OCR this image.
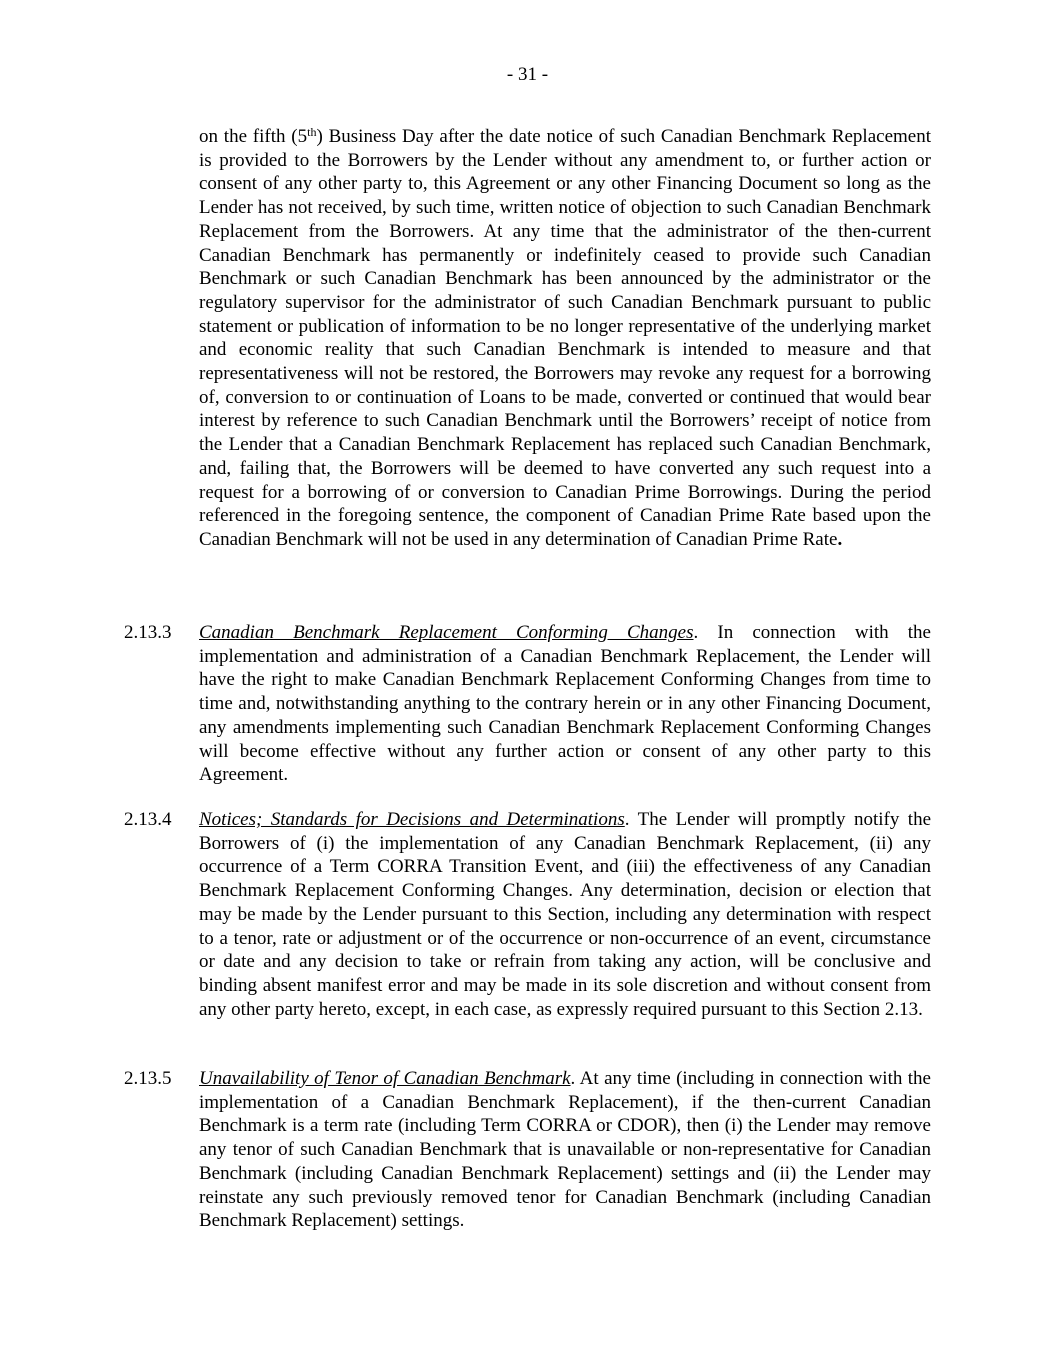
- 31 -

on the fifth (5th) Business Day after the date notice of such Canadian Benchmark Replacement is provided to the Borrowers by the Lender without any amendment to, or further action or consent of any other party to, this Agreement or any other Financing Document so long as the Lender has not received, by such time, written notice of objection to such Canadian Benchmark Replacement from the Borrowers. At any time that the administrator of the then-current Canadian Benchmark has permanently or indefinitely ceased to provide such Canadian Benchmark or such Canadian Benchmark has been announced by the administrator or the regulatory supervisor for the administrator of such Canadian Benchmark pursuant to public statement or publication of information to be no longer representative of the underlying market and economic reality that such Canadian Benchmark is intended to measure and that representativeness will not be restored, the Borrowers may revoke any request for a borrowing of, conversion to or continuation of Loans to be made, converted or continued that would bear interest by reference to such Canadian Benchmark until the Borrowers’ receipt of notice from the Lender that a Canadian Benchmark Replacement has replaced such Canadian Benchmark, and, failing that, the Borrowers will be deemed to have converted any such request into a request for a borrowing of or conversion to Canadian Prime Borrowings. During the period referenced in the foregoing sentence, the component of Canadian Prime Rate based upon the Canadian Benchmark will not be used in any determination of Canadian Prime Rate.

2.13.3 Canadian Benchmark Replacement Conforming Changes. In connection with the implementation and administration of a Canadian Benchmark Replacement, the Lender will have the right to make Canadian Benchmark Replacement Conforming Changes from time to time and, notwithstanding anything to the contrary herein or in any other Financing Document, any amendments implementing such Canadian Benchmark Replacement Conforming Changes will become effective without any further action or consent of any other party to this Agreement.

2.13.4 Notices; Standards for Decisions and Determinations. The Lender will promptly notify the Borrowers of (i) the implementation of any Canadian Benchmark Replacement, (ii) any occurrence of a Term CORRA Transition Event, and (iii) the effectiveness of any Canadian Benchmark Replacement Conforming Changes. Any determination, decision or election that may be made by the Lender pursuant to this Section, including any determination with respect to a tenor, rate or adjustment or of the occurrence or non-occurrence of an event, circumstance or date and any decision to take or refrain from taking any action, will be conclusive and binding absent manifest error and may be made in its sole discretion and without consent from any other party hereto, except, in each case, as expressly required pursuant to this Section 2.13.

2.13.5 Unavailability of Tenor of Canadian Benchmark. At any time (including in connection with the implementation of a Canadian Benchmark Replacement), if the then-current Canadian Benchmark is a term rate (including Term CORRA or CDOR), then (i) the Lender may remove any tenor of such Canadian Benchmark that is unavailable or non-representative for Canadian Benchmark (including Canadian Benchmark Replacement) settings and (ii) the Lender may reinstate any such previously removed tenor for Canadian Benchmark (including Canadian Benchmark Replacement) settings.
